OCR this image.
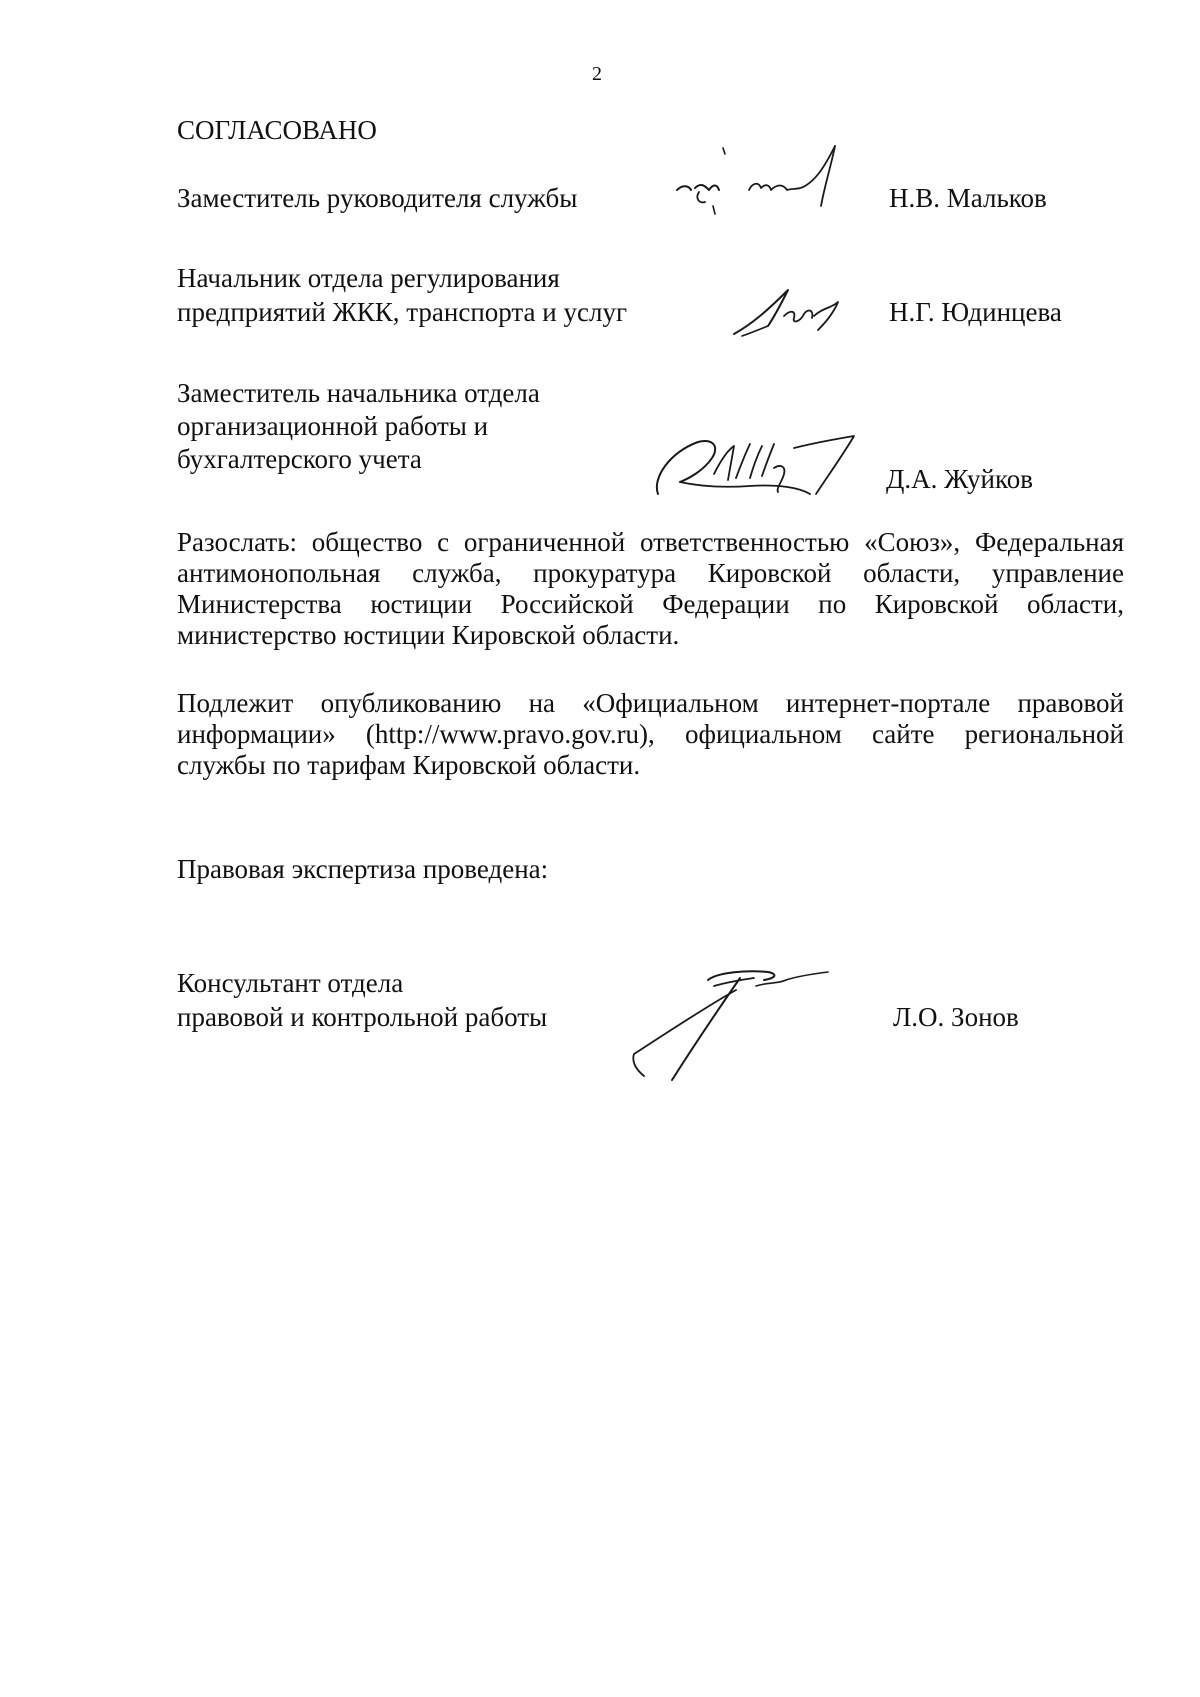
2
СОГЛАСОВАНО
Заместитель руководителя службы	Н.В. Мальков
Начальник отдела регулирования
предприятий ЖКК, транспорта и услуг	Н.Г. Юдинцева
Заместитель начальника отдела
организационной работы и
бухгалтерского учета
Д.А. Жуйков
Разослать: общество с ограниченной ответственностью «Союз», Федеральная
антимонопольная служба, прокуратура Кировской области, управление
Министерства юстиции Российской Федерации по Кировской области,
министерство юстиции Кировской области.
Подлежит опубликованию на «Официальном интернет-портале правовой
информации» (http://www.pravo.gov.ru), официальном сайте региональной
службы по тарифам Кировской области.
Правовая экспертиза проведена:
Консультант отдела
правовой и контрольной работы	Л.О. Зонов
